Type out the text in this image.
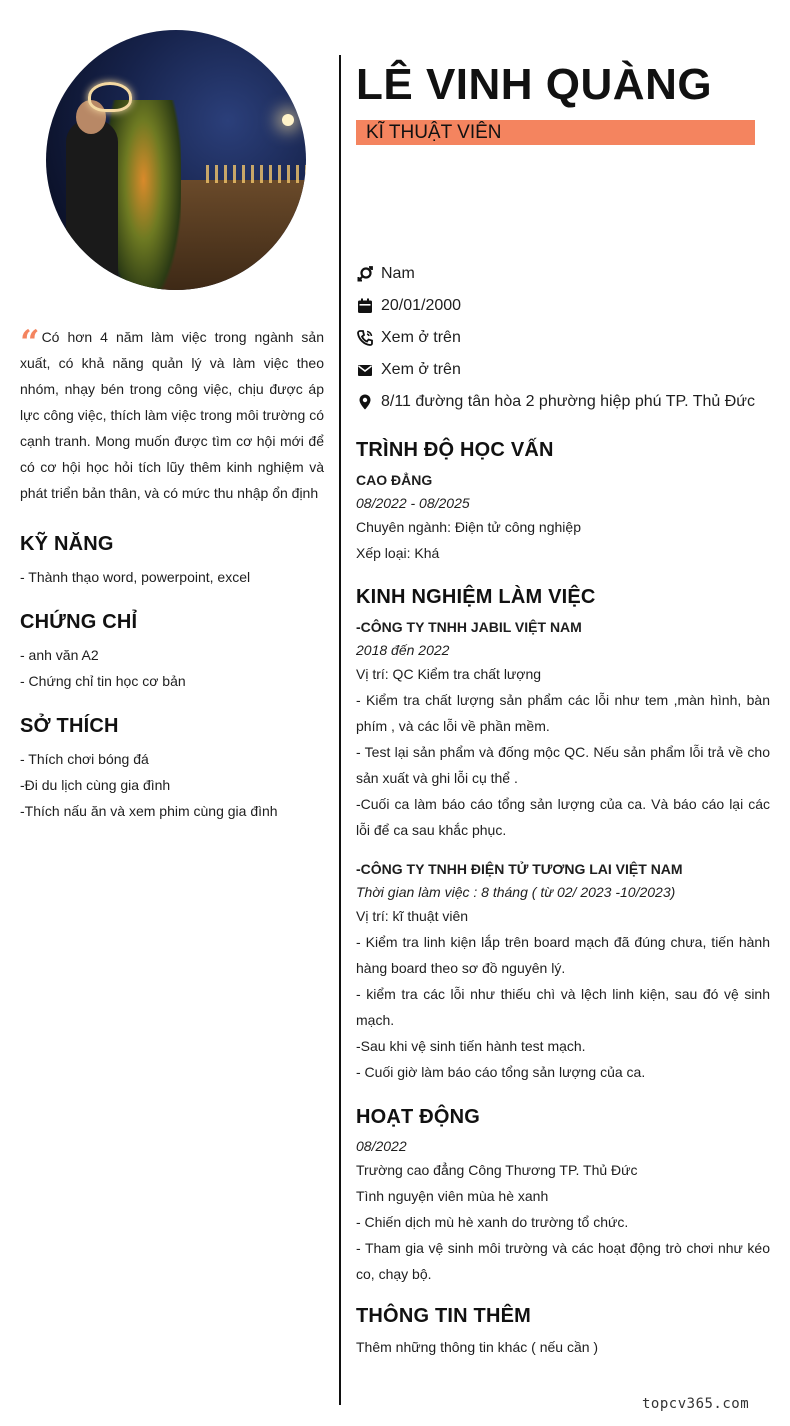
“ Có hơn 4 năm làm việc trong ngành sản xuất, có khả năng quản lý và làm việc theo nhóm, nhạy bén trong công việc, chịu được áp lực công việc, thích làm việc trong môi trường có cạnh tranh. Mong muốn được tìm cơ hội mới để có cơ hội học hỏi tích lũy thêm kinh nghiệm và phát triển bản thân, và có mức thu nhập ổn định
KỸ NĂNG
- Thành thạo word, powerpoint, excel
CHỨNG CHỈ
- anh văn A2
- Chứng chỉ tin học cơ bản
SỞ THÍCH
- Thích chơi bóng đá
-Đi du lịch cùng gia đình
-Thích nấu ăn và xem phim cùng gia đình
LÊ VINH QUÀNG
KĨ THUẬT VIÊN
Nam
20/01/2000
Xem ở trên
Xem ở trên
8/11 đường tân hòa 2 phường hiệp phú TP. Thủ Đức
TRÌNH ĐỘ HỌC VẤN
CAO ĐẲNG
08/2022 - 08/2025
Chuyên ngành: Điện tử công nghiệp
Xếp loại: Khá
KINH NGHIỆM LÀM VIỆC
-CÔNG TY TNHH JABIL VIỆT NAM
2018 đến 2022
Vị trí: QC Kiểm tra chất lượng
- Kiểm tra chất lượng sản phẩm các lỗi như tem ,màn hình, bàn phím , và các lỗi về phần mềm.
- Test lại sản phẩm và đống mộc QC. Nếu sản phẩm lỗi trả về cho sản xuất và ghi lỗi cụ thể .
-Cuối ca làm báo cáo tổng sản lượng của ca. Và báo cáo lại các lỗi để ca sau khắc phục.
-CÔNG TY TNHH ĐIỆN TỬ TƯƠNG LAI VIỆT NAM
Thời gian làm việc : 8 tháng ( từ 02/ 2023 -10/2023)
Vị trí: kĩ thuật viên
- Kiểm tra linh kiện lắp trên board mạch đã đúng chưa, tiến hành hàng board theo sơ đồ nguyên lý.
- kiểm tra các lỗi như thiếu chì và lệch linh kiện, sau đó vệ sinh mạch.
-Sau khi vệ sinh tiến hành test mạch.
- Cuối giờ làm báo cáo tổng sản lượng của ca.
HOẠT ĐỘNG
08/2022
Trường cao đẳng Công Thương TP. Thủ Đức
Tình nguyện viên mùa hè xanh
- Chiến dịch mù hè xanh do trường tổ chức.
- Tham gia vệ sinh môi trường và các hoạt động trò chơi như kéo co, chạy bộ.
THÔNG TIN THÊM
Thêm những thông tin khác ( nếu cần )
topcv365.com
